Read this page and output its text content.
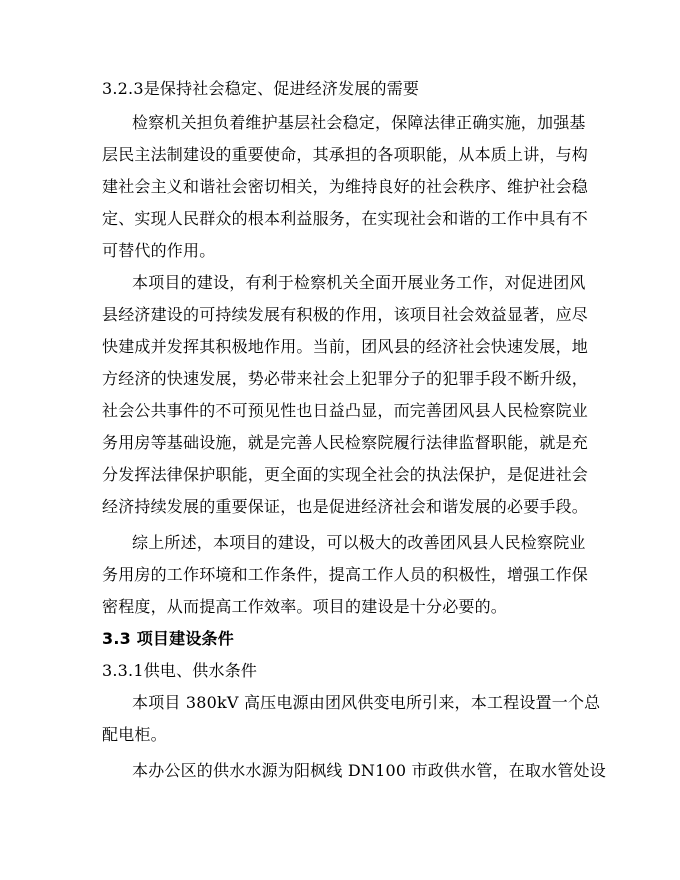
3.2.3是保持社会稳定、促进经济发展的需要
检察机关担负着维护基层社会稳定，保障法律正确实施，加强基
层民主法制建设的重要使命，其承担的各项职能，从本质上讲，与构
建社会主义和谐社会密切相关，为维持良好的社会秩序、维护社会稳
定、实现人民群众的根本利益服务，在实现社会和谐的工作中具有不
可替代的作用。
本项目的建设，有利于检察机关全面开展业务工作，对促进团风
县经济建设的可持续发展有积极的作用，该项目社会效益显著，应尽
快建成并发挥其积极地作用。当前，团风县的经济社会快速发展，地
方经济的快速发展，势必带来社会上犯罪分子的犯罪手段不断升级，
社会公共事件的不可预见性也日益凸显，而完善团风县人民检察院业
务用房等基础设施，就是完善人民检察院履行法律监督职能，就是充
分发挥法律保护职能，更全面的实现全社会的执法保护，是促进社会
经济持续发展的重要保证，也是促进经济社会和谐发展的必要手段。
综上所述，本项目的建设，可以极大的改善团风县人民检察院业
务用房的工作环境和工作条件，提高工作人员的积极性，增强工作保
密程度，从而提高工作效率。项目的建设是十分必要的。
3.3 项目建设条件
3.3.1供电、供水条件
本项目 380kV 高压电源由团风供变电所引来，本工程设置一个总
配电柜。
本办公区的供水水源为阳枫线 DN100 市政供水管，在取水管处设
